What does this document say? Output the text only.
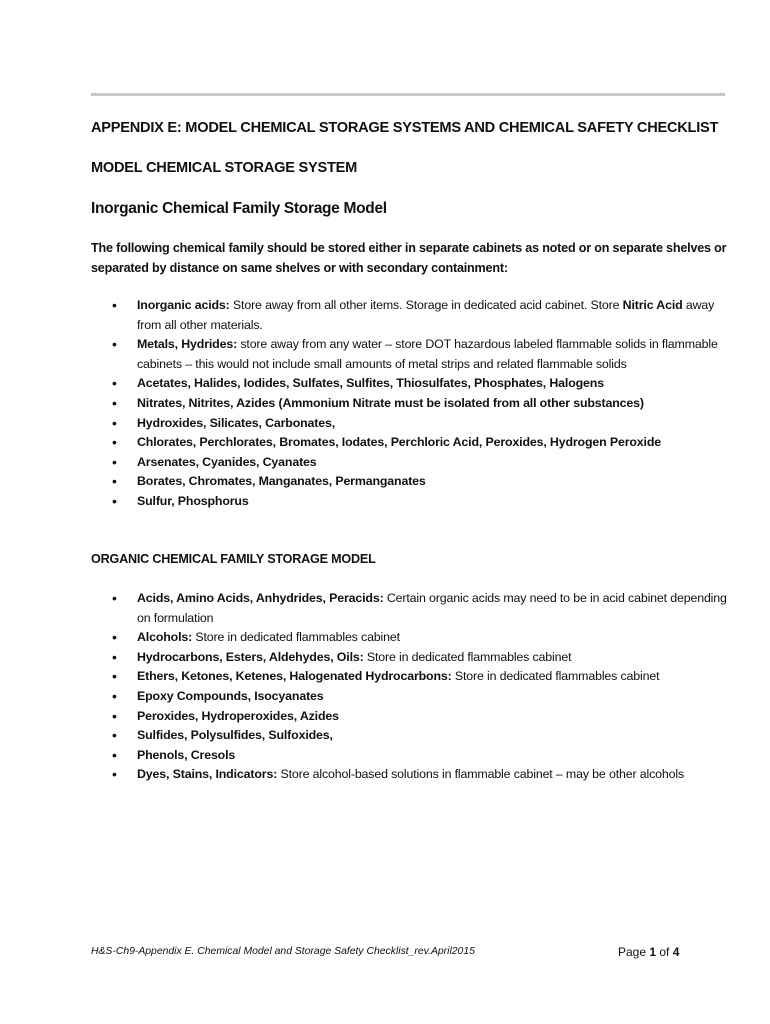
APPENDIX E: MODEL CHEMICAL STORAGE SYSTEMS AND CHEMICAL SAFETY CHECKLIST
MODEL CHEMICAL STORAGE SYSTEM
Inorganic Chemical Family Storage Model
The following chemical family should be stored either in separate cabinets as noted or on separate shelves or separated by distance on same shelves or with secondary containment:
• Inorganic acids: Store away from all other items. Storage in dedicated acid cabinet. Store Nitric Acid away from all other materials.
• Metals, Hydrides: store away from any water – store DOT hazardous labeled flammable solids in flammable cabinets – this would not include small amounts of metal strips and related flammable solids
• Acetates, Halides, Iodides, Sulfates, Sulfites, Thiosulfates, Phosphates, Halogens
• Nitrates, Nitrites, Azides (Ammonium Nitrate must be isolated from all other substances)
• Hydroxides, Silicates, Carbonates,
• Chlorates, Perchlorates, Bromates, Iodates, Perchloric Acid, Peroxides, Hydrogen Peroxide
• Arsenates, Cyanides, Cyanates
• Borates, Chromates, Manganates, Permanganates
• Sulfur, Phosphorus
ORGANIC CHEMICAL FAMILY STORAGE MODEL
• Acids, Amino Acids, Anhydrides, Peracids: Certain organic acids may need to be in acid cabinet depending on formulation
• Alcohols: Store in dedicated flammables cabinet
• Hydrocarbons, Esters, Aldehydes, Oils: Store in dedicated flammables cabinet
• Ethers, Ketones, Ketenes, Halogenated Hydrocarbons: Store in dedicated flammables cabinet
• Epoxy Compounds, Isocyanates
• Peroxides, Hydroperoxides, Azides
• Sulfides, Polysulfides, Sulfoxides,
• Phenols, Cresols
• Dyes, Stains, Indicators: Store alcohol-based solutions in flammable cabinet – may be other alcohols
H&S-Ch9-Appendix E. Chemical Model and Storage Safety Checklist_rev.April2015	Page 1 of 4
